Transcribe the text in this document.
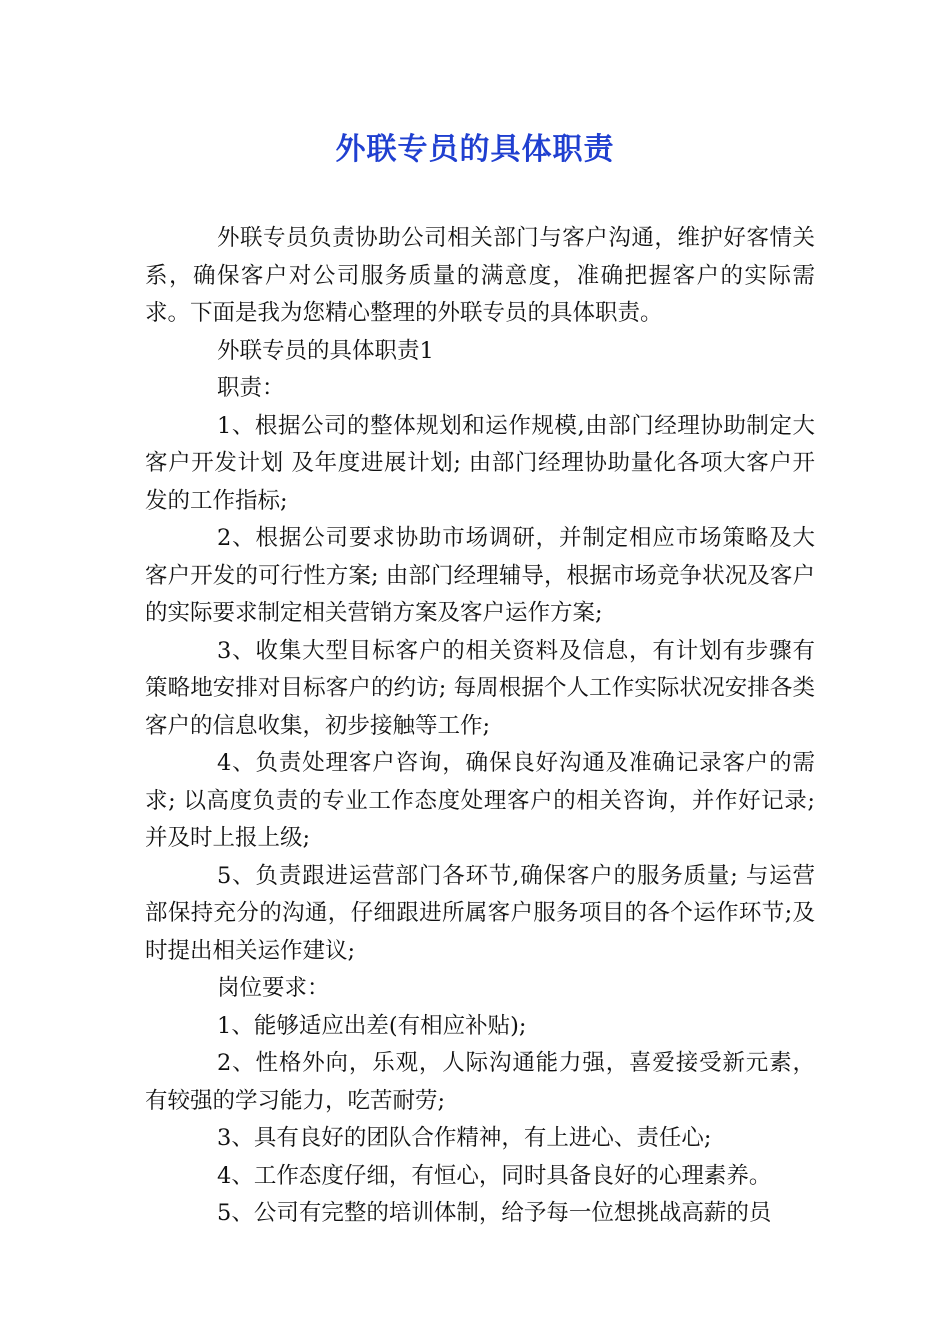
外联专员的具体职责

外联专员负责协助公司相关部门与客户沟通，维护好客情关系，确保客户对公司服务质量的满意度，准确把握客户的实际需求。下面是我为您精心整理的外联专员的具体职责。

外联专员的具体职责1

职责：

1、根据公司的整体规划和运作规模,由部门经理协助制定大客户开发计划 及年度进展计划; 由部门经理协助量化各项大客户开发的工作指标;

2、根据公司要求协助市场调研，并制定相应市场策略及大客户开发的可行性方案; 由部门经理辅导，根据市场竞争状况及客户的实际要求制定相关营销方案及客户运作方案;

3、收集大型目标客户的相关资料及信息，有计划有步骤有策略地安排对目标客户的约访; 每周根据个人工作实际状况安排各类客户的信息收集，初步接触等工作;

4、负责处理客户咨询，确保良好沟通及准确记录客户的需求; 以高度负责的专业工作态度处理客户的相关咨询，并作好记录;并及时上报上级;

5、负责跟进运营部门各环节,确保客户的服务质量; 与运营部保持充分的沟通，仔细跟进所属客户服务项目的各个运作环节;及时提出相关运作建议;

岗位要求：

1、能够适应出差(有相应补贴);

2、性格外向，乐观，人际沟通能力强，喜爱接受新元素，有较强的学习能力，吃苦耐劳;

3、具有良好的团队合作精神，有上进心、责任心;

4、工作态度仔细，有恒心，同时具备良好的心理素养。

5、公司有完整的培训体制，给予每一位想挑战高薪的员
